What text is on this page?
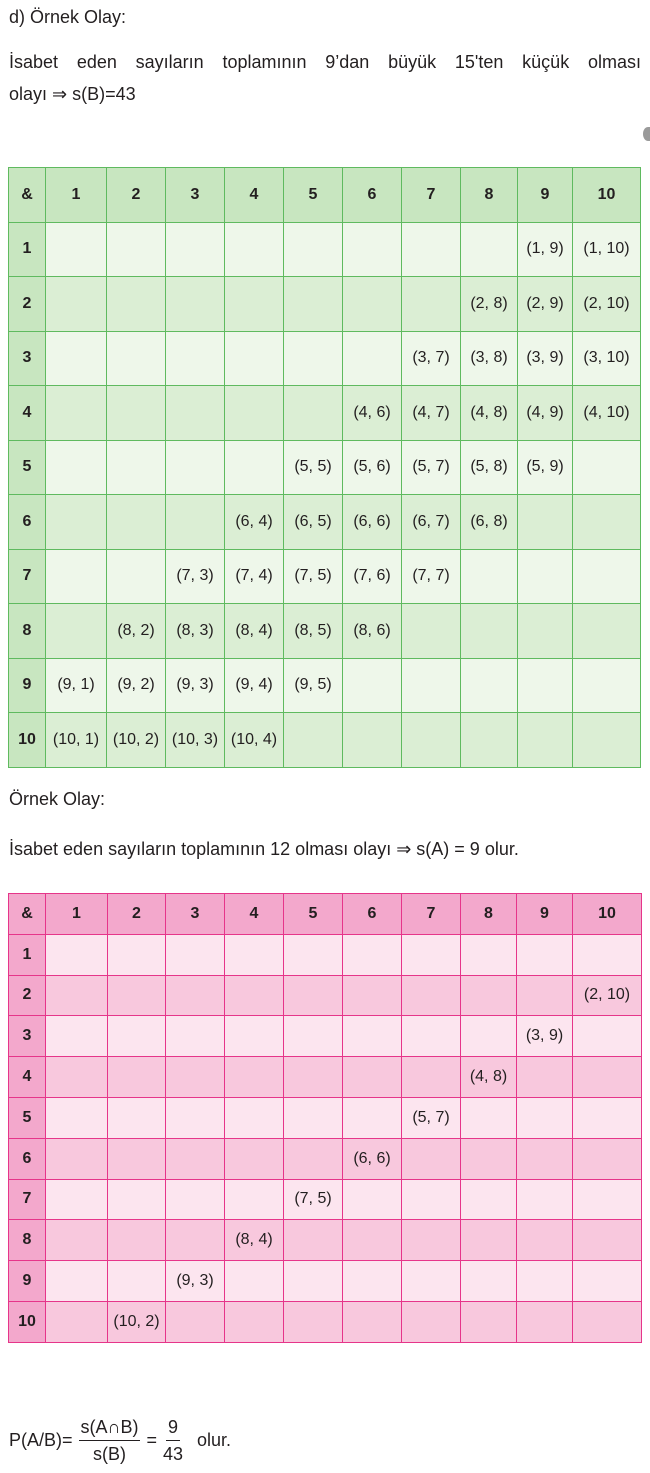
d) Örnek Olay:
İsabet eden sayıların toplamının 9’dan büyük 15'ten küçük olması
olayı ⇒ s(B)=43
&	1	2	3	4	5	6	7	8	9	10
1									(1, 9)	(1, 10)
2								(2, 8)	(2, 9)	(2, 10)
3							(3, 7)	(3, 8)	(3, 9)	(3, 10)
4						(4, 6)	(4, 7)	(4, 8)	(4, 9)	(4, 10)
5					(5, 5)	(5, 6)	(5, 7)	(5, 8)	(5, 9)	
6				(6, 4)	(6, 5)	(6, 6)	(6, 7)	(6, 8)		
7			(7, 3)	(7, 4)	(7, 5)	(7, 6)	(7, 7)			
8		(8, 2)	(8, 3)	(8, 4)	(8, 5)	(8, 6)				
9	(9, 1)	(9, 2)	(9, 3)	(9, 4)	(9, 5)					
10	(10, 1)	(10, 2)	(10, 3)	(10, 4)						
Örnek Olay:
İsabet eden sayıların toplamının 12 olması olayı ⇒ s(A) = 9 olur.
&	1	2	3	4	5	6	7	8	9	10
1										
2										(2, 10)
3									(3, 9)	
4								(4, 8)		
5							(5, 7)			
6						(6, 6)				
7					(7, 5)					
8				(8, 4)						
9			(9, 3)							
10		(10, 2)								
$P(A/B)= \frac{s(A\cap B)}{s(B)} = \frac{9}{43}$ olur.
